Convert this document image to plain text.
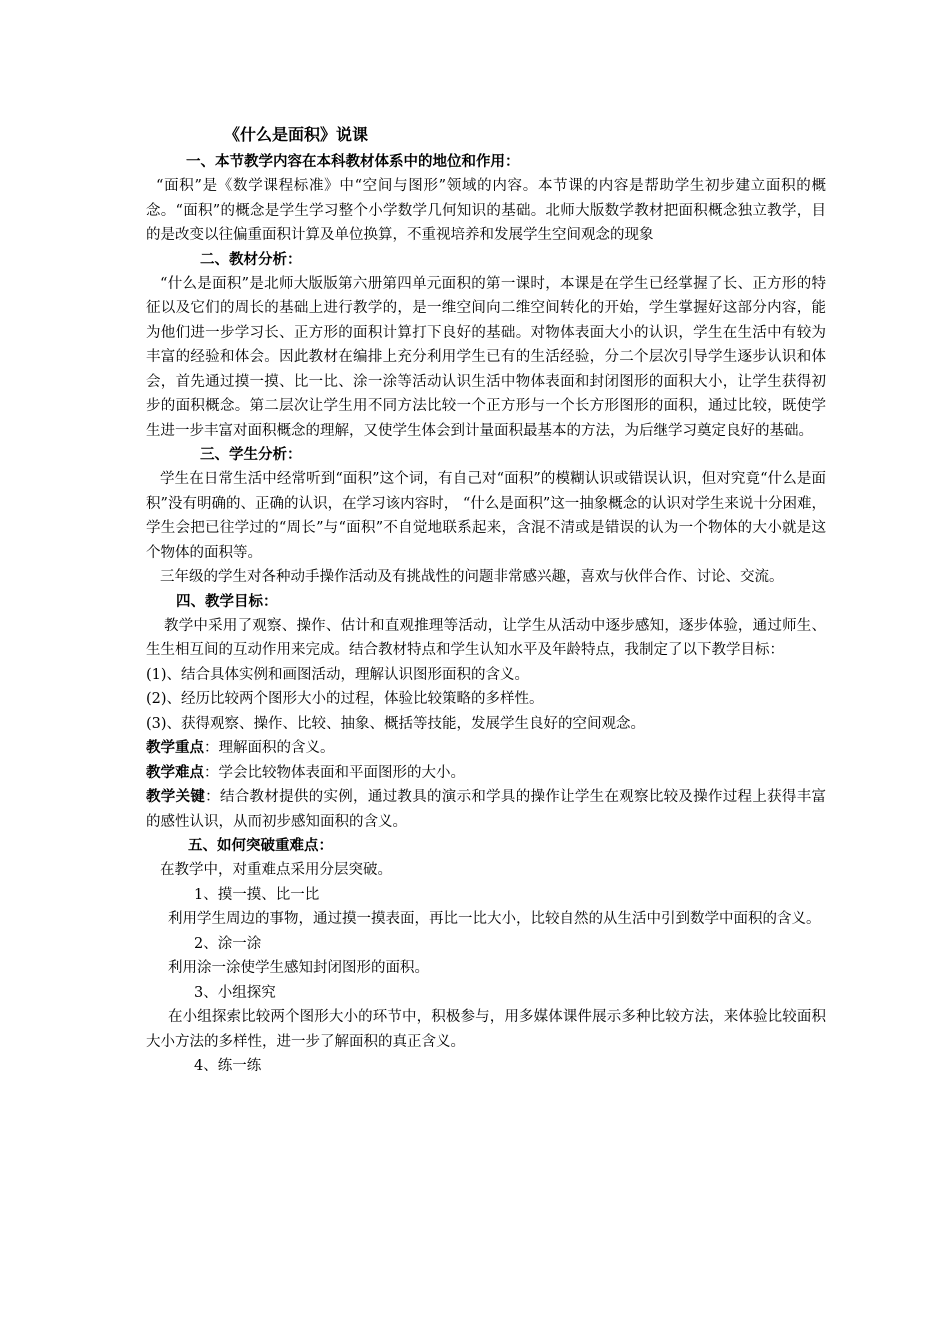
《什么是面积》说课
一、本节教学内容在本科教材体系中的地位和作用：
“面积”是《数学课程标准》中“空间与图形”领域的内容。本节课的内容是帮助学生初步建立面积的概念。“面积”的概念是学生学习整个小学数学几何知识的基础。北师大版数学教材把面积概念独立教学，目的是改变以往偏重面积计算及单位换算，不重视培养和发展学生空间观念的现象
二、教材分析：
“什么是面积”是北师大版版第六册第四单元面积的第一课时，本课是在学生已经掌握了长、正方形的特征以及它们的周长的基础上进行教学的，是一维空间向二维空间转化的开始，学生掌握好这部分内容，能为他们进一步学习长、正方形的面积计算打下良好的基础。对物体表面大小的认识，学生在生活中有较为丰富的经验和体会。因此教材在编排上充分利用学生已有的生活经验，分二个层次引导学生逐步认识和体会，首先通过摸一摸、比一比、涂一涂等活动认识生活中物体表面和封闭图形的面积大小，让学生获得初步的面积概念。第二层次让学生用不同方法比较一个正方形与一个长方形图形的面积，通过比较，既使学生进一步丰富对面积概念的理解，又使学生体会到计量面积最基本的方法，为后继学习奠定良好的基础。
三、学生分析：
学生在日常生活中经常听到“面积”这个词，有自己对“面积”的模糊认识或错误认识，但对究竟“什么是面积”没有明确的、正确的认识，在学习该内容时， “什么是面积”这一抽象概念的认识对学生来说十分困难，学生会把已往学过的“周长”与“面积”不自觉地联系起来，含混不清或是错误的认为一个物体的大小就是这个物体的面积等。
三年级的学生对各种动手操作活动及有挑战性的问题非常感兴趣，喜欢与伙伴合作、讨论、交流。
四、教学目标：
教学中采用了观察、操作、估计和直观推理等活动，让学生从活动中逐步感知，逐步体验，通过师生、生生相互间的互动作用来完成。结合教材特点和学生认知水平及年龄特点，我制定了以下教学目标：
(1)、结合具体实例和画图活动，理解认识图形面积的含义。
(2)、经历比较两个图形大小的过程，体验比较策略的多样性。
(3)、获得观察、操作、比较、抽象、概括等技能，发展学生良好的空间观念。
教学重点：理解面积的含义。
教学难点：学会比较物体表面和平面图形的大小。
教学关键：结合教材提供的实例，通过教具的演示和学具的操作让学生在观察比较及操作过程上获得丰富的感性认识，从而初步感知面积的含义。
五、如何突破重难点：
在教学中，对重难点采用分层突破。
1、摸一摸、比一比
利用学生周边的事物，通过摸一摸表面，再比一比大小，比较自然的从生活中引到数学中面积的含义。
2、涂一涂
利用涂一涂使学生感知封闭图形的面积。
3、小组探究
在小组探索比较两个图形大小的环节中，积极参与，用多媒体课件展示多种比较方法，来体验比较面积大小方法的多样性，进一步了解面积的真正含义。
4、练一练
